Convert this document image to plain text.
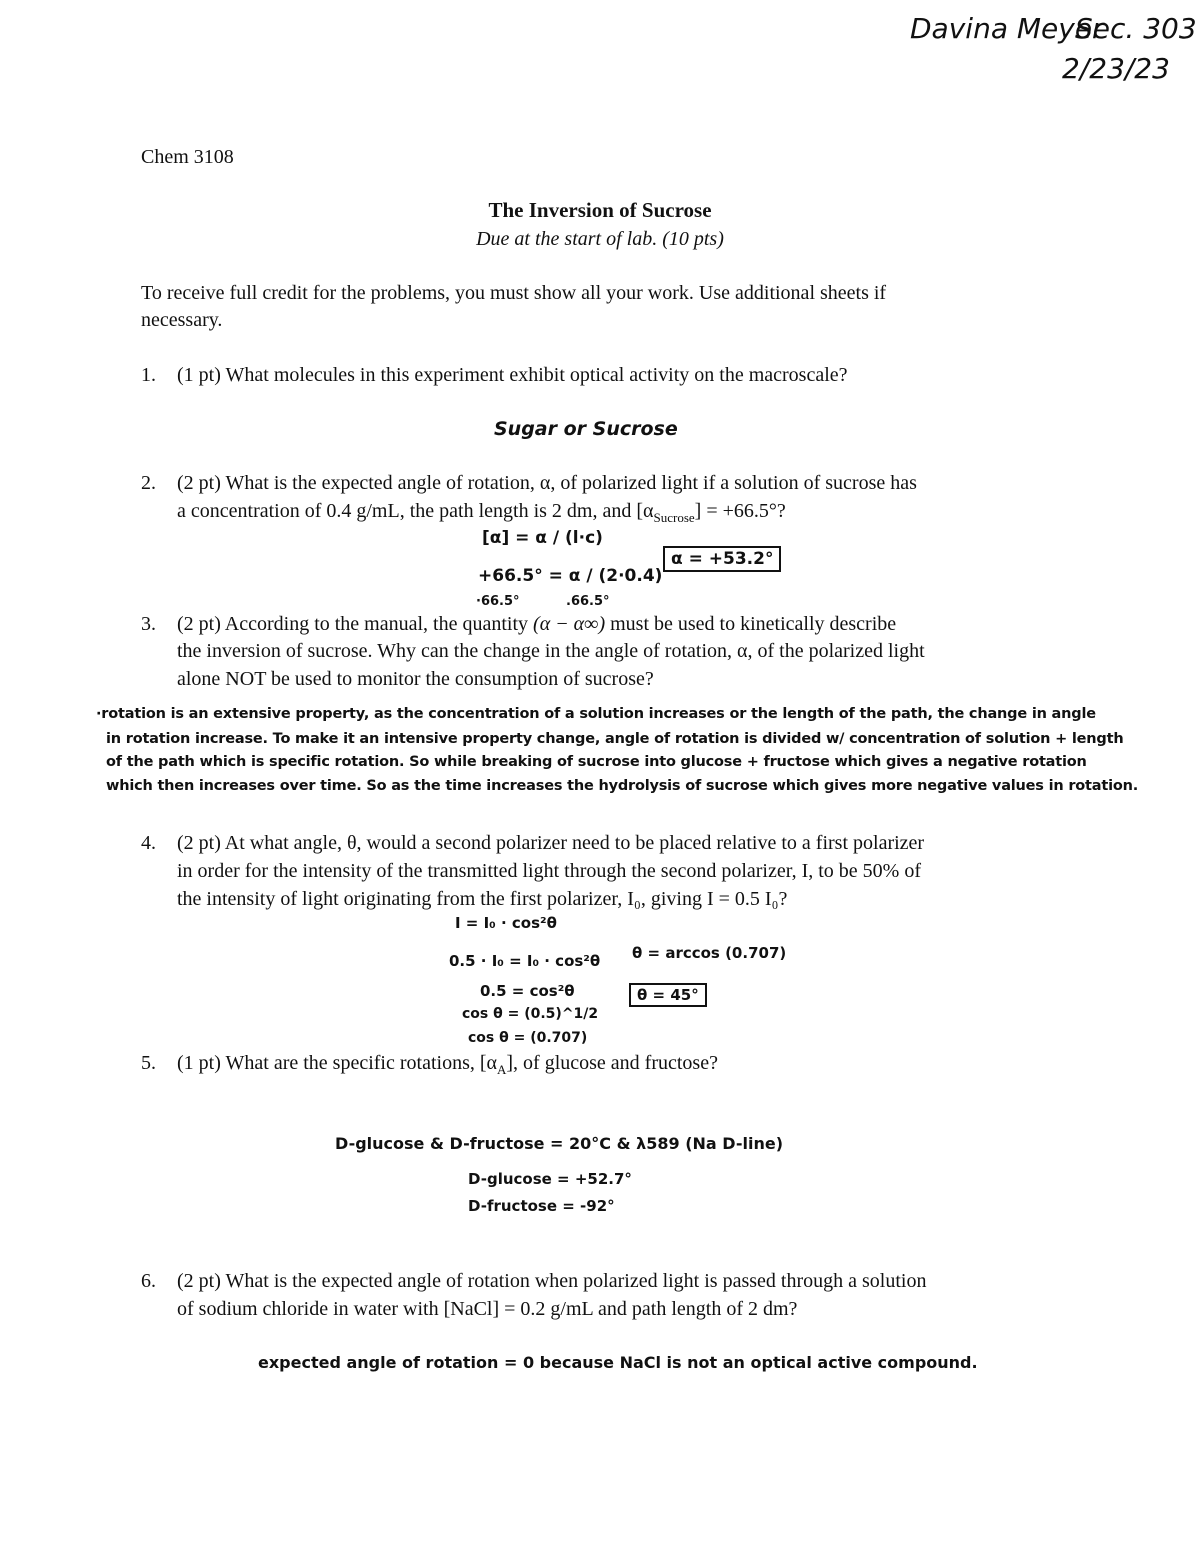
Davina Meyer
Sec. 303
2/23/23
Chem 3108
The Inversion of Sucrose
Due at the start of lab. (10 pts)
To receive full credit for the problems, you must show all your work. Use additional sheets if
necessary.
1. (1 pt) What molecules in this experiment exhibit optical activity on the macroscale?
Sugar or Sucrose
2. (2 pt) What is the expected angle of rotation, α, of polarized light if a solution of sucrose has
a concentration of 0.4 g/mL, the path length is 2 dm, and $[\alpha_{Sucrose}] = +66.5^\circ$?
[α] = α / (l·c)
+66.5° = α / (2·0.4)
·66.5°	.66.5°
α = +53.2°
3. (2 pt) According to the manual, the quantity (α − α∞) must be used to kinetically describe
the inversion of sucrose. Why can the change in the angle of rotation, α, of the polarized light
alone NOT be used to monitor the consumption of sucrose?
·rotation is an extensive property, as the concentration of a solution increases or the length of the path, the change in angle
in rotation increase. To make it an intensive property change, angle of rotation is divided w/ concentration of solution + length
of the path which is specific rotation. So while breaking of sucrose into glucose + fructose which gives a negative rotation
which then increases over time. So as the time increases the hydrolysis of sucrose which gives more negative values in rotation.
4. (2 pt) At what angle, θ, would a second polarizer need to be placed relative to a first polarizer
in order for the intensity of the transmitted light through the second polarizer, I, to be 50% of
the intensity of light originating from the first polarizer, I₀, giving I = 0.5 I₀?
I = I₀ · cos²θ
0.5 · I₀ = I₀ · cos²θ
0.5 = cos²θ
cos θ = (0.5)^1/2
cos θ = (0.707)
θ = arccos (0.707)
θ = 45°
5. (1 pt) What are the specific rotations, $[\alpha_A]$, of glucose and fructose?
D-glucose & D-fructose = 20°C & λ589 (Na D-line)
D-glucose = +52.7°
D-fructose = -92°
6. (2 pt) What is the expected angle of rotation when polarized light is passed through a solution
of sodium chloride in water with [NaCl] = 0.2 g/mL and path length of 2 dm?
expected angle of rotation = 0 because NaCl is not an optical active compound.
